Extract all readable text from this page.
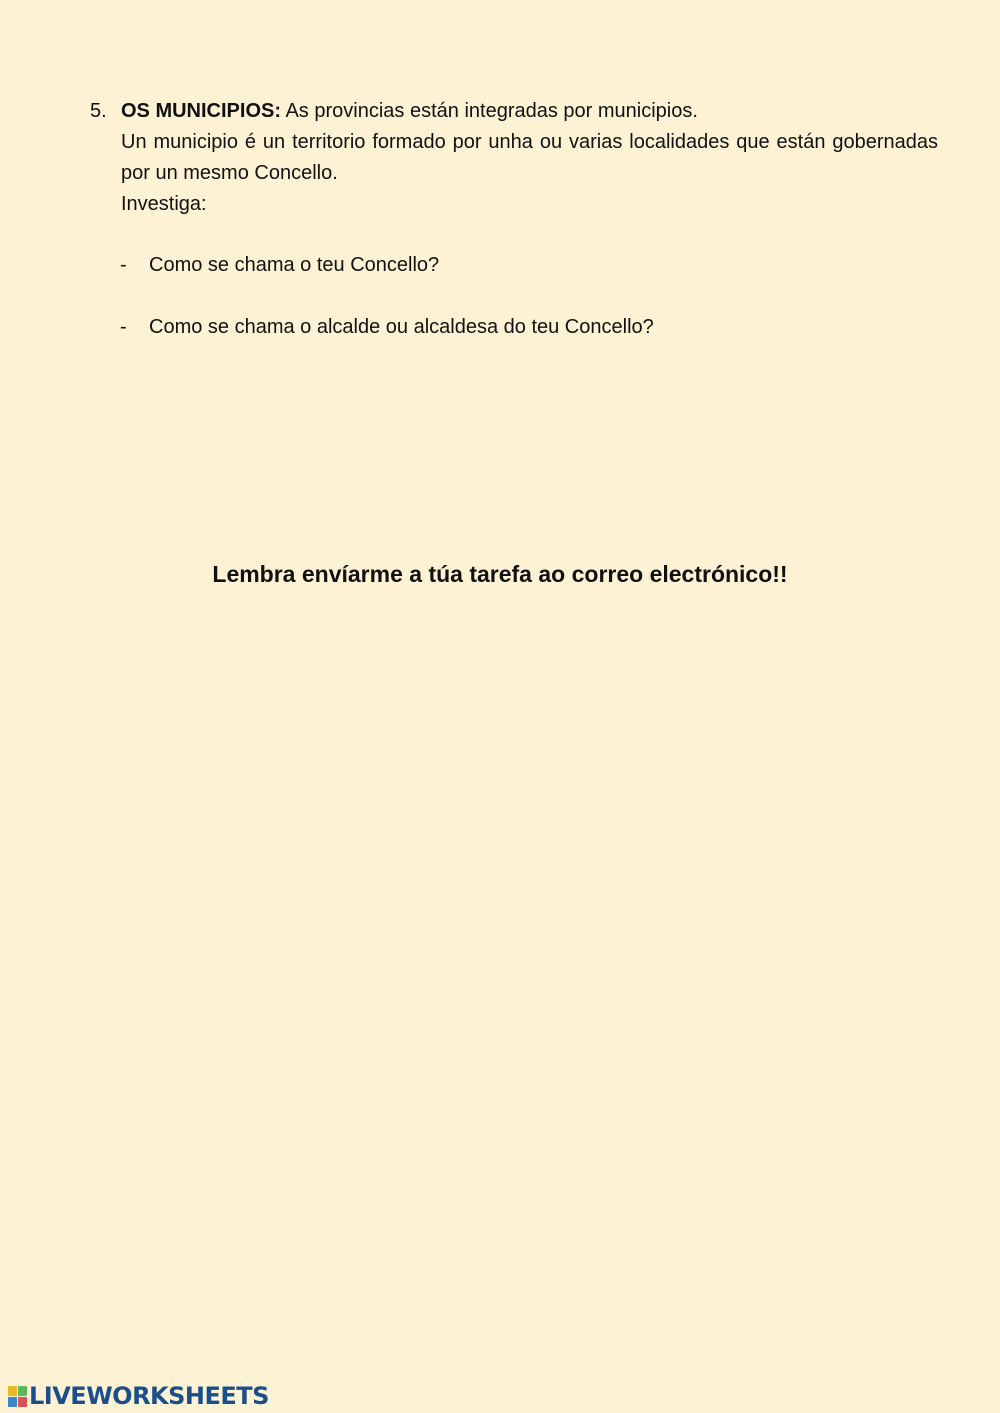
5. OS MUNICIPIOS: As provincias están integradas por municipios.
Un municipio é un territorio formado por unha ou varias localidades que están gobernadas por un mesmo Concello.
Investiga:
-	Como se chama o teu Concello?
-	Como se chama o alcalde ou alcaldesa do teu Concello?
Lembra envíarme a túa tarefa ao correo electrónico!!
LIVEWORKSHEETS
